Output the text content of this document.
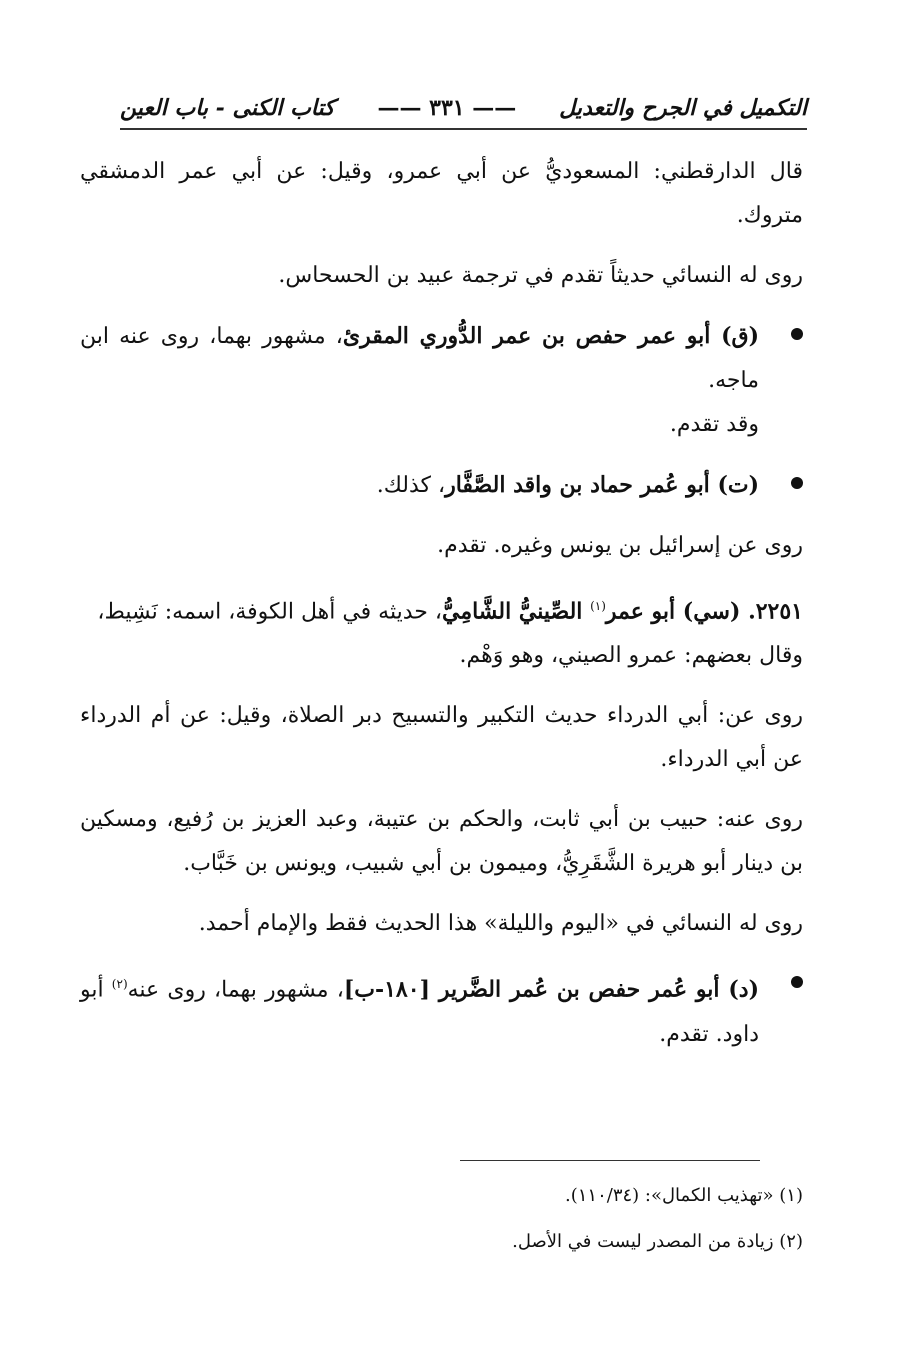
التكميل في الجرح والتعديل
—— ٣٣١ ——
كتاب الكنى - باب العين

قال الدارقطني: المسعوديُّ عن أبي عمرو، وقيل: عن أبي عمر الدمشقي متروك.

روى له النسائي حديثاً تقدم في ترجمة عبيد بن الحسحاس.

(ق) أبو عمر حفص بن عمر الدُّوري المقرئ، مشهور بهما، روى عنه ابن ماجه.
وقد تقدم.
(ت) أبو عُمر حماد بن واقد الصَّفَّار، كذلك.

روى عن إسرائيل بن يونس وغيره. تقدم.

٢٢٥١. (سي) أبو عمر$^{(١)}$ الصِّينيُّ الشَّامِيُّ، حديثه في أهل الكوفة، اسمه: نَشِيط،
وقال بعضهم: عمرو الصيني، وهو وَهْم.

روى عن: أبي الدرداء حديث التكبير والتسبيح دبر الصلاة، وقيل: عن أم الدرداء عن أبي الدرداء.

روى عنه: حبيب بن أبي ثابت، والحكم بن عتيبة، وعبد العزيز بن رُفيع، ومسكين بن دينار أبو هريرة الشَّقَرِيُّ، وميمون بن أبي شبيب، ويونس بن خَبَّاب.

روى له النسائي في «اليوم والليلة» هذا الحديث فقط والإمام أحمد.

(د) أبو عُمر حفص بن عُمر الضَّرير [١٨٠-ب]، مشهور بهما، روى عنه$^{(٢)}$ أبو داود. تقدم.

(١) «تهذيب الكمال»: (١١٠/٣٤).

(٢) زيادة من المصدر ليست في الأصل.
